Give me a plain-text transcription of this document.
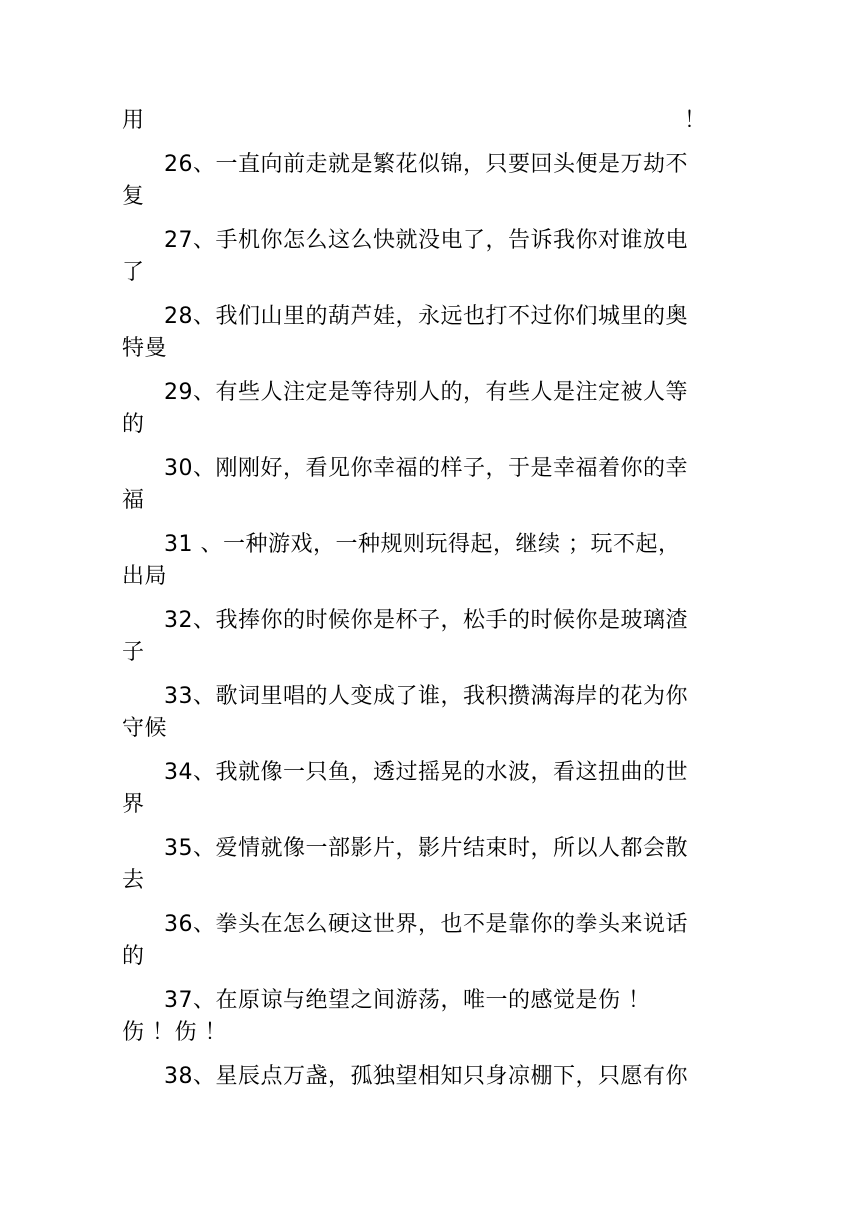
用	！
26、一直向前走就是繁花似锦，只要回头便是万劫不
复
27、手机你怎么这么快就没电了，告诉我你对谁放电
了
28、我们山里的葫芦娃，永远也打不过你们城里的奥
特曼
29、有些人注定是等待别人的，有些人是注定被人等
的
30、刚刚好，看见你幸福的样子，于是幸福着你的幸
福
31 、一种游戏，一种规则玩得起，继续 ；玩不起，
出局
32、我捧你的时候你是杯子，松手的时候你是玻璃渣
子
33、歌词里唱的人变成了谁，我积攒满海岸的花为你
守候
34、我就像一只鱼，透过摇晃的水波，看这扭曲的世
界
35、爱情就像一部影片，影片结束时，所以人都会散
去
36、拳头在怎么硬这世界，也不是靠你的拳头来说话
的
37、在原谅与绝望之间游荡，唯一的感觉是伤 ！
伤 ！伤 ！
38、星辰点万盏，孤独望相知只身凉棚下，只愿有你
